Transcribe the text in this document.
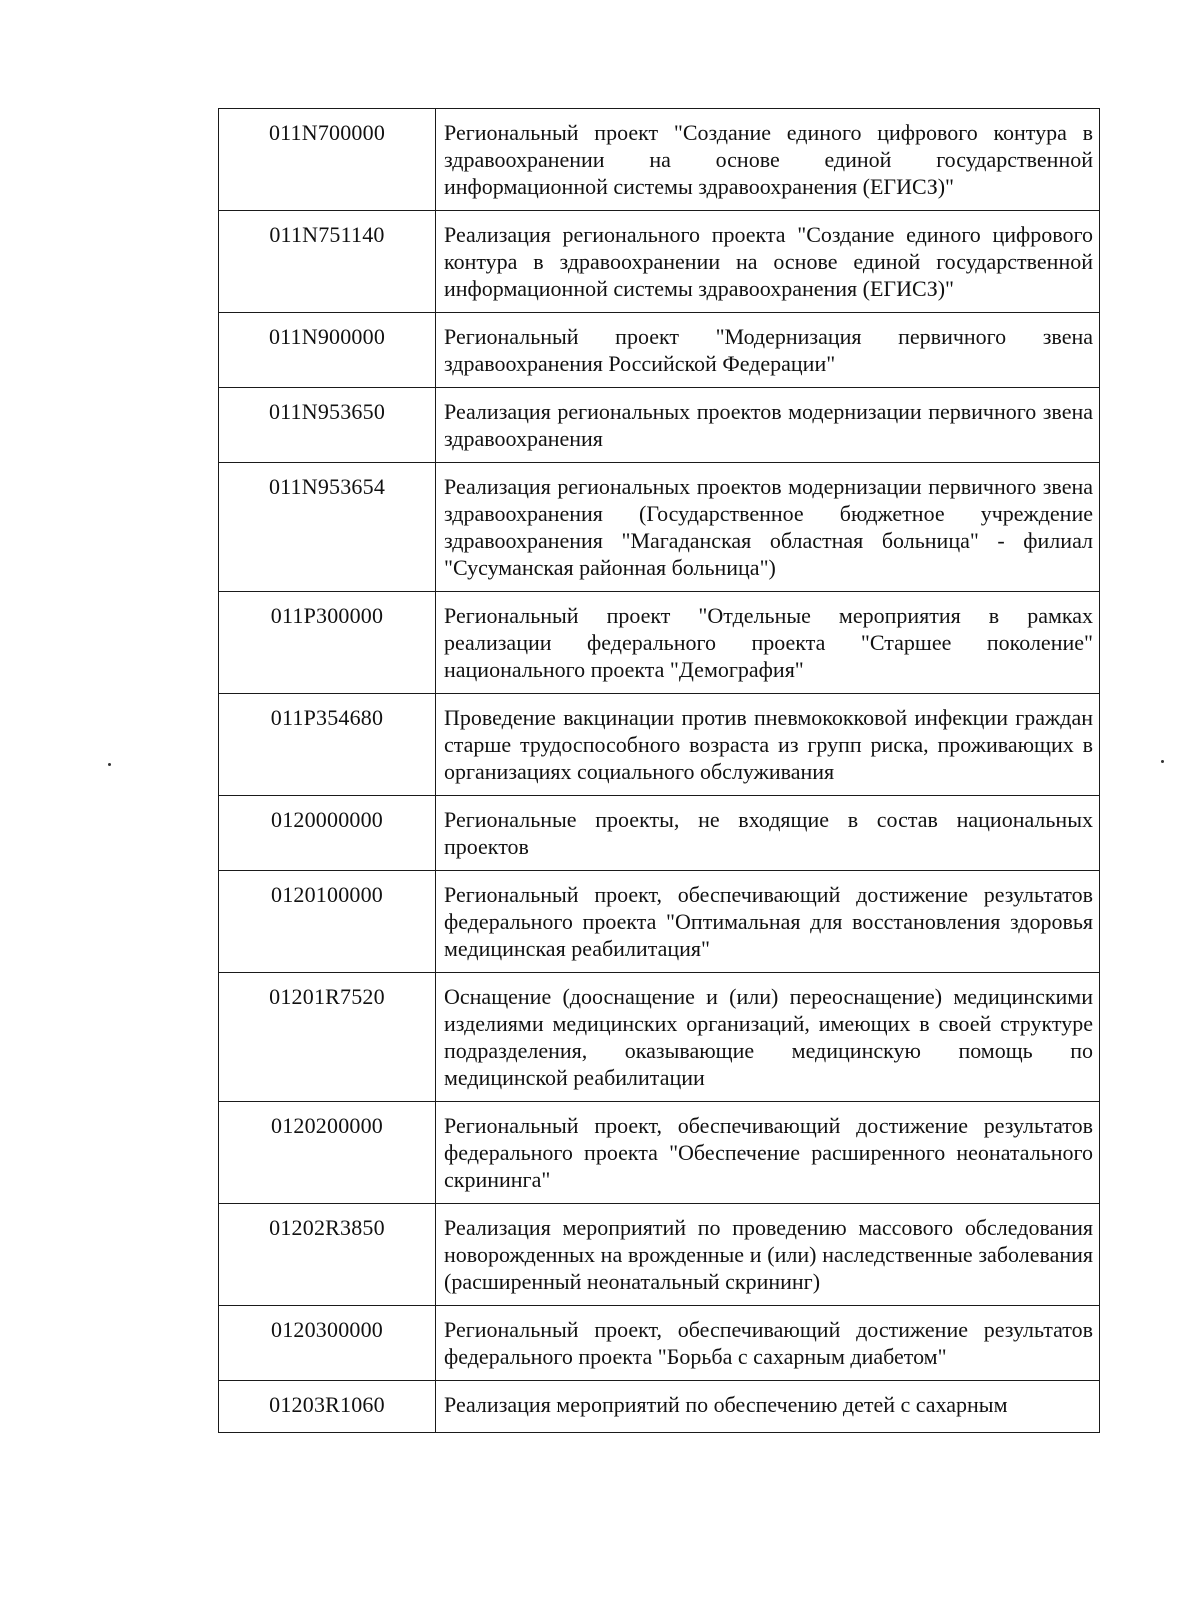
011N700000	Региональный проект "Создание единого цифрового контура в здравоохранении на основе единой государственной информационной системы здравоохранения (ЕГИСЗ)"
011N751140	Реализация регионального проекта "Создание единого цифрового контура в здравоохранении на основе единой государственной информационной системы здравоохранения (ЕГИСЗ)"
011N900000	Региональный проект "Модернизация первичного звена здравоохранения Российской Федерации"
011N953650	Реализация региональных проектов модернизации первичного звена здравоохранения
011N953654	Реализация региональных проектов модернизации первичного звена здравоохранения (Государственное бюджетное учреждение здравоохранения "Магаданская областная больница" - филиал "Сусуманская районная больница")
011P300000	Региональный проект "Отдельные мероприятия в рамках реализации федерального проекта "Старшее поколение" национального проекта "Демография"
011P354680	Проведение вакцинации против пневмококковой инфекции граждан старше трудоспособного возраста из групп риска, проживающих в организациях социального обслуживания
0120000000	Региональные проекты, не входящие в состав национальных проектов
0120100000	Региональный проект, обеспечивающий достижение результатов федерального проекта "Оптимальная для восстановления здоровья медицинская реабилитация"
01201R7520	Оснащение (дооснащение и (или) переоснащение) медицинскими изделиями медицинских организаций, имеющих в своей структуре подразделения, оказывающие медицинскую помощь по медицинской реабилитации
0120200000	Региональный проект, обеспечивающий достижение результатов федерального проекта "Обеспечение расширенного неонатального скрининга"
01202R3850	Реализация мероприятий по проведению массового обследования новорожденных на врожденные и (или) наследственные заболевания (расширенный неонатальный скрининг)
0120300000	Региональный проект, обеспечивающий достижение результатов федерального проекта "Борьба с сахарным диабетом"
01203R1060	Реализация мероприятий по обеспечению детей с сахарным
